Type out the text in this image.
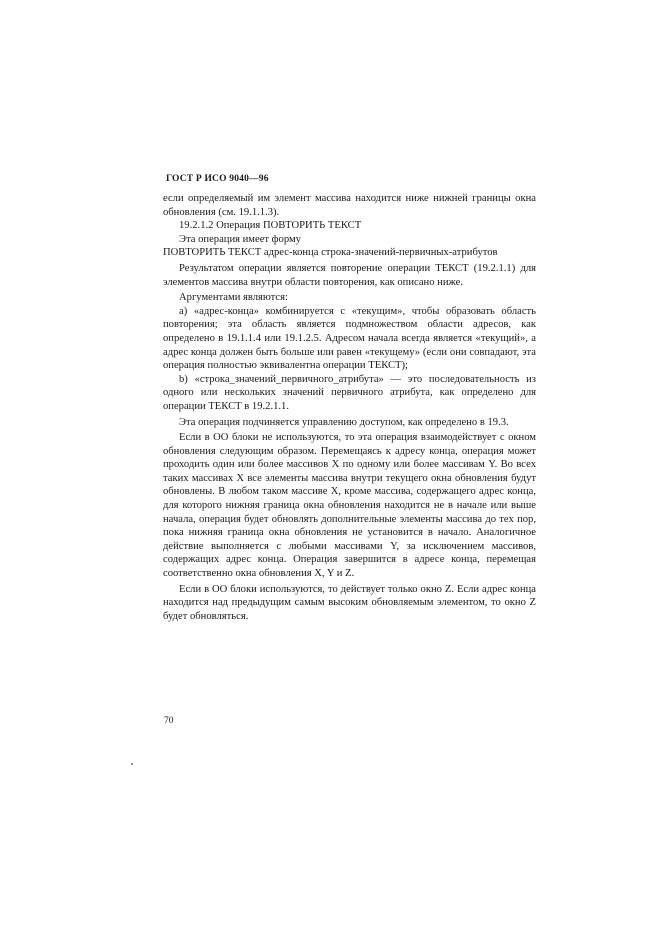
ГОСТ Р ИСО 9040—96

если определяемый им элемент массива находится ниже нижней границы окна обновления (см. 19.1.1.3).

19.2.1.2 Операция ПОВТОРИТЬ ТЕКСТ

Эта операция имеет форму

ПОВТОРИТЬ ТЕКСТ адрес-конца строка-значений-первичных-атрибутов

Результатом операции является повторение операции ТЕКСТ (19.2.1.1) для элементов массива внутри области повторения, как описано ниже.

Аргументами являются:

а) «адрес-конца» комбинируется с «текущим», чтобы образовать область повторения; эта область является подмножеством области адресов, как определено в 19.1.1.4 или 19.1.2.5. Адресом начала всегда является «текущий», а адрес конца должен быть больше или равен «текущему» (если они совпадают, эта операция полностью эквивалентна операции ТЕКСТ);

b) «строка_значений_первичного_атрибута» — это последовательность из одного или нескольких значений первичного атрибута, как определено для операции ТЕКСТ в 19.2.1.1.

Эта операция подчиняется управлению доступом, как определено в 19.3.

Если в ОО блоки не используются, то эта операция взаимодействует с окном обновления следующим образом. Перемещаясь к адресу конца, операция может проходить один или более массивов X по одному или более массивам Y. Во всех таких массивах X все элементы массива внутри текущего окна обновления будут обновлены. В любом таком массиве X, кроме массива, содержащего адрес конца, для которого нижняя граница окна обновления находится не в начале или выше начала, операция будет обновлять дополнительные элементы массива до тех пор, пока нижняя граница окна обновления не установится в начало. Аналогичное действие выполняется с любыми массивами Y, за исключением массивов, содержащих адрес конца. Операция завершится в адресе конца, перемещая соответственно окна обновления X, Y и Z.

Если в ОО блоки используются, то действует только окно Z. Если адрес конца находится над предыдущим самым высоким обновляемым элементом, то окно Z будет обновляться.

70
